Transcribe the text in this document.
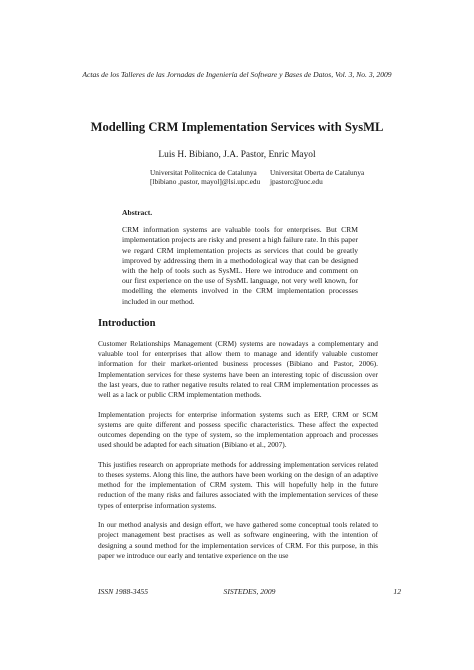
Actas de los Talleres de las Jornadas de Ingeniería del Software y Bases de Datos, Vol. 3, No. 3, 2009
Modelling CRM Implementation Services with SysML
Luis H. Bibiano, J.A. Pastor, Enric Mayol
Universitat Politecnica de Catalunya
[lbibiano ,pastor, mayol]@lsi.upc.edu
Universitat Oberta de Catalunya
jpastorc@uoc.edu
Abstract.
CRM information systems are valuable tools for enterprises. But CRM implementation projects are risky and present a high failure rate. In this paper we regard CRM implementation projects as services that could be greatly improved by addressing them in a methodological way that can be designed with the help of tools such as SysML. Here we introduce and comment on our first experience on the use of SysML language, not very well known, for modelling the elements involved in the CRM implementation processes included in our method.
Introduction

Customer Relationships Management (CRM) systems are nowadays a complementary and valuable tool for enterprises that allow them to manage and identify valuable customer information for their market-oriented business processes (Bibiano and Pastor, 2006). Implementation services for these systems have been an interesting topic of discussion over the last years, due to rather negative results related to real CRM implementation processes as well as a lack or public CRM implementation methods.

Implementation projects for enterprise information systems such as ERP, CRM or SCM systems are quite different and possess specific characteristics. These affect the expected outcomes depending on the type of system, so the implementation approach and processes used should be adapted for each situation (Bibiano et al., 2007).

This justifies research on appropriate methods for addressing implementation services related to theses systems. Along this line, the authors have been working on the design of an adaptive method for the implementation of CRM system. This will hopefully help in the future reduction of the many risks and failures associated with the implementation services of these types of enterprise information systems.

In our method analysis and design effort, we have gathered some conceptual tools related to project management best practises as well as software engineering, with the intention of designing a sound method for the implementation services of CRM. For this purpose, in this paper we introduce our early and tentative experience on the use

ISSN 1988-3455	SISTEDES, 2009	12
